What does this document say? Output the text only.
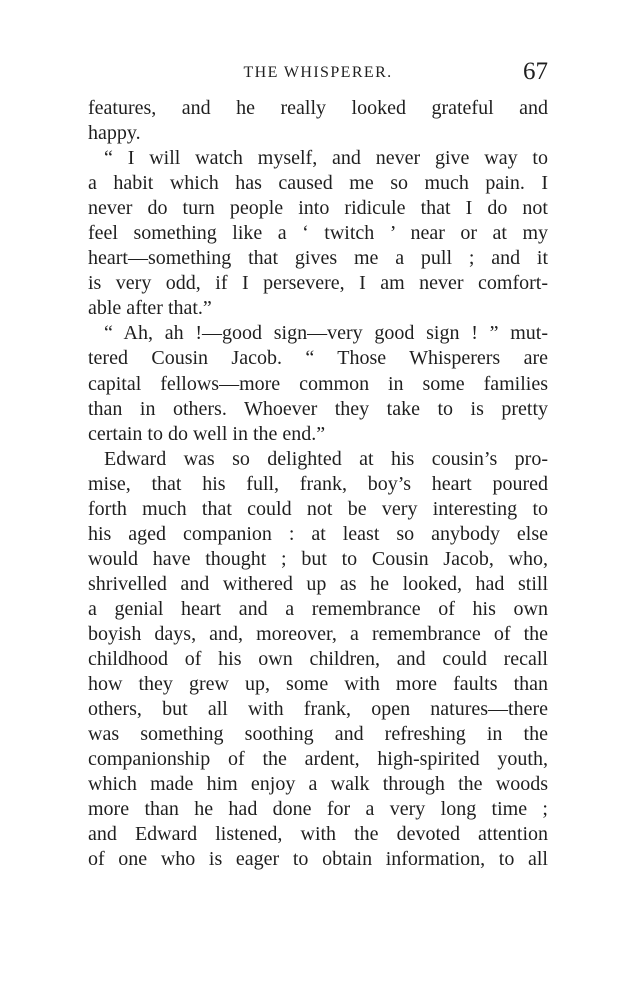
THE WHISPERER.	67
features, and he really looked grateful and
happy.
“ I will watch myself, and never give way to
a habit which has caused me so much pain. I
never do turn people into ridicule that I do not
feel something like a ‘ twitch ’ near or at my
heart—something that gives me a pull ; and it
is very odd, if I persevere, I am never comfort-
able after that.”
“ Ah, ah !—good sign—very good sign ! ” mut-
tered Cousin Jacob. “ Those Whisperers are
capital fellows—more common in some families
than in others. Whoever they take to is pretty
certain to do well in the end.”
Edward was so delighted at his cousin’s pro-
mise, that his full, frank, boy’s heart poured
forth much that could not be very interesting to
his aged companion : at least so anybody else
would have thought ; but to Cousin Jacob, who,
shrivelled and withered up as he looked, had still
a genial heart and a remembrance of his own
boyish days, and, moreover, a remembrance of the
childhood of his own children, and could recall
how they grew up, some with more faults than
others, but all with frank, open natures—there
was something soothing and refreshing in the
companionship of the ardent, high-spirited youth,
which made him enjoy a walk through the woods
more than he had done for a very long time ;
and Edward listened, with the devoted attention
of one who is eager to obtain information, to all
